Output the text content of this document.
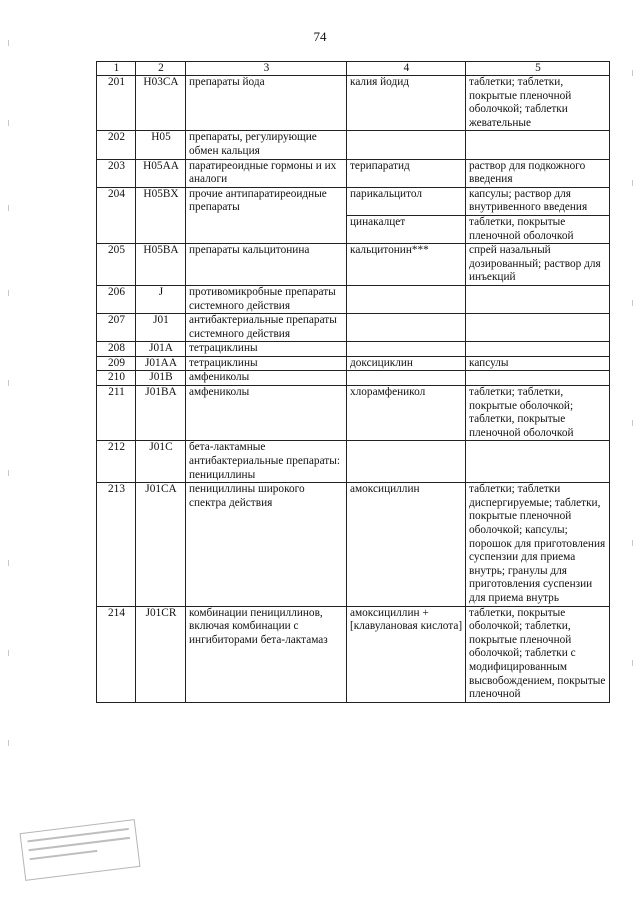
74
1	2	3	4	5
201	H03CA	препараты йода	калия йодид	таблетки; таблетки, покрытые пленочной оболочкой; таблетки жевательные
202	H05	препараты, регулирующие обмен кальция		
203	H05AA	паратиреоидные гормоны и их аналоги	терипаратид	раствор для подкожного введения
204	H05BX	прочие антипаратиреоидные препараты	парикальцитол	капсулы; раствор для внутривенного введения
			цинакалцет	таблетки, покрытые пленочной оболочкой
205	H05BA	препараты кальцитонина	кальцитонин***	спрей назальный дозированный; раствор для инъекций
206	J	противомикробные препараты системного действия		
207	J01	антибактериальные препараты системного действия		
208	J01A	тетрациклины		
209	J01AA	тетрациклины	доксициклин	капсулы
210	J01B	амфениколы		
211	J01BA	амфениколы	хлорамфеникол	таблетки; таблетки, покрытые оболочкой; таблетки, покрытые пленочной оболочкой
212	J01C	бета-лактамные антибактериальные препараты: пенициллины		
213	J01CA	пенициллины широкого спектра действия	амоксициллин	таблетки; таблетки диспергируемые; таблетки, покрытые пленочной оболочкой; капсулы; порошок для приготовления суспензии для приема внутрь; гранулы для приготовления суспензии для приема внутрь
214	J01CR	комбинации пенициллинов, включая комбинации с ингибиторами бета-лактамаз	амоксициллин + [клавулановая кислота]	таблетки, покрытые оболочкой; таблетки, покрытые пленочной оболочкой; таблетки с модифицированным высвобождением, покрытые пленочной
